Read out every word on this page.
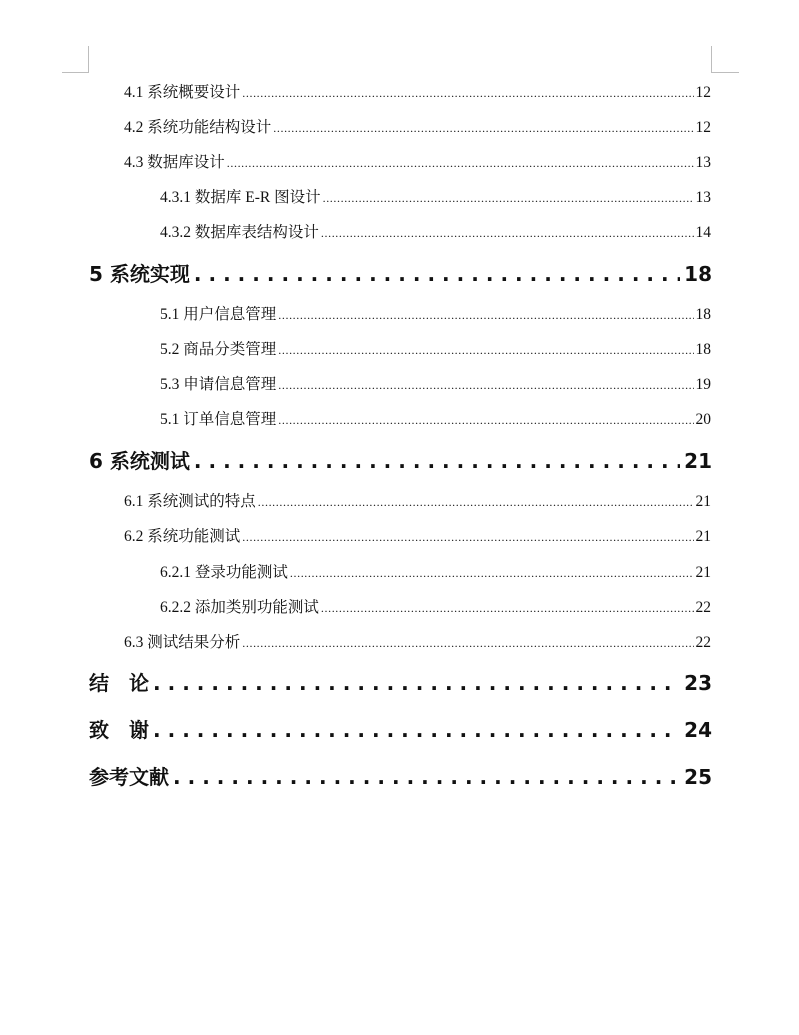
4.1 系统概要设计 .....	12
4.2 系统功能结构设计 .....	12
4.3 数据库设计 .....	13
4.3.1 数据库 E-R 图设计 .....	13
4.3.2 数据库表结构设计 .....	14
5 系统实现 .....	18
5.1 用户信息管理 .....	18
5.2 商品分类管理 .....	18
5.3 申请信息管理 .....	19
5.1 订单信息管理 .....	20
6 系统测试 .....	21
6.1 系统测试的特点 .....	21
6.2 系统功能测试 .....	21
6.2.1 登录功能测试 .....	21
6.2.2 添加类别功能测试 .....	22
6.3 测试结果分析 .....	22
结　论 .....	23
致　谢 .....	24
参考文献 .....	25
